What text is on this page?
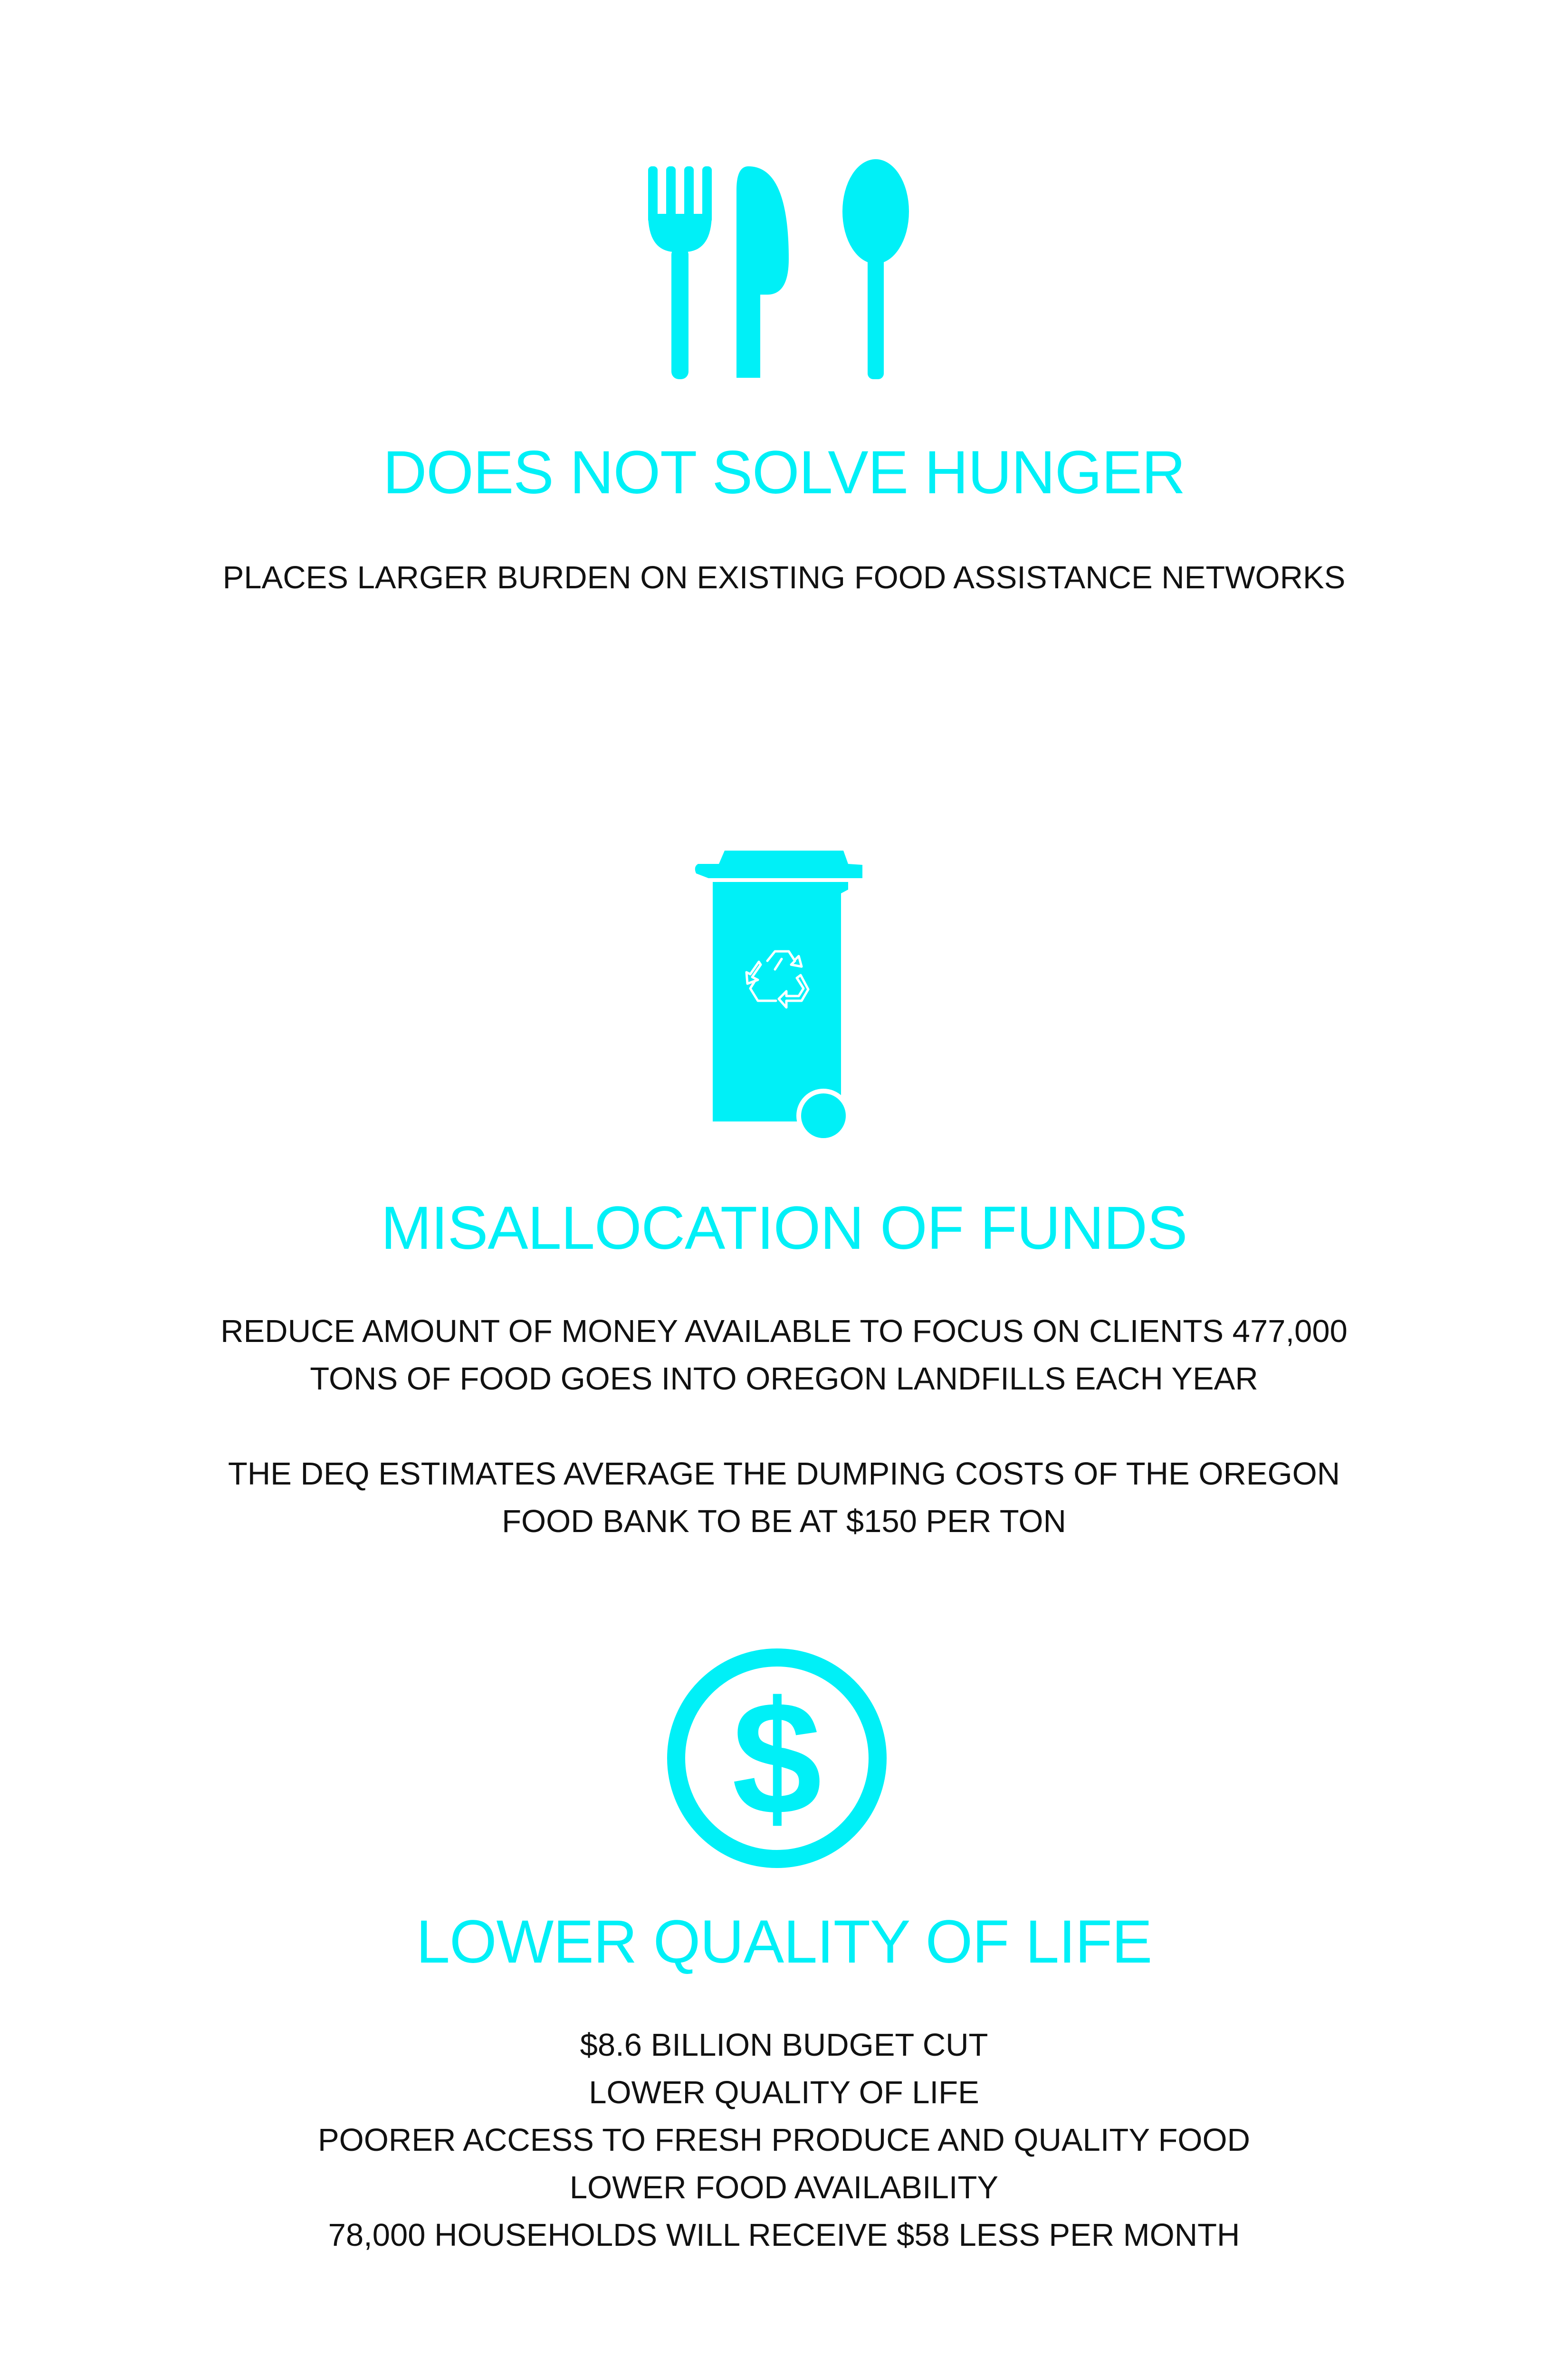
DOES NOT SOLVE HUNGER

PLACES LARGER BURDEN ON EXISTING FOOD ASSISTANCE NETWORKS

MISALLOCATION OF FUNDS

REDUCE AMOUNT OF MONEY AVAILABLE TO FOCUS ON CLIENTS 477,000
TONS OF FOOD GOES INTO OREGON LANDFILLS EACH YEAR

THE DEQ ESTIMATES AVERAGE THE DUMPING COSTS OF THE OREGON
FOOD BANK TO BE AT $150 PER TON

$
LOWER QUALITY OF LIFE

$8.6 BILLION BUDGET CUT
LOWER QUALITY OF LIFE
POORER ACCESS TO FRESH PRODUCE AND QUALITY FOOD
LOWER FOOD AVAILABILITY
78,000 HOUSEHOLDS WILL RECEIVE $58 LESS PER MONTH
